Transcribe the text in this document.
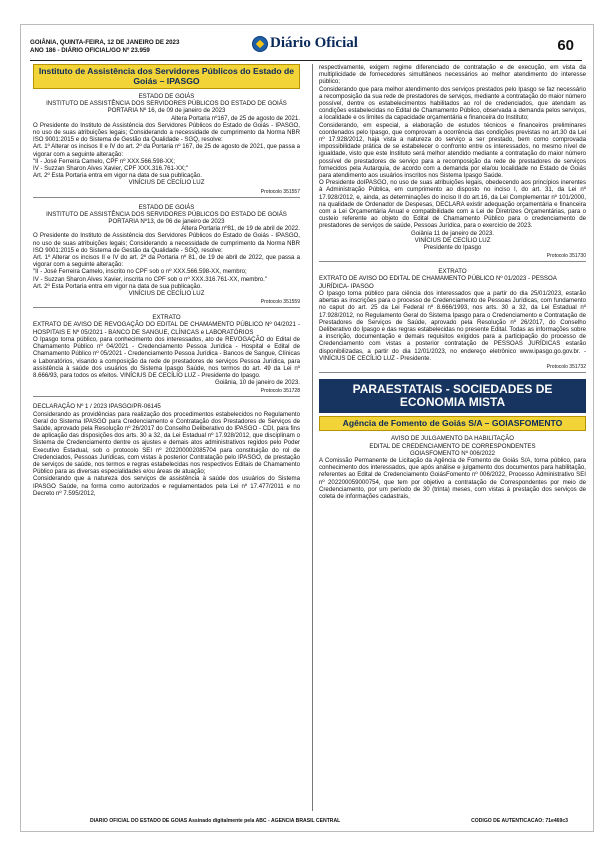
GOIÂNIA, QUINTA-FEIRA, 12 DE JANEIRO DE 2023
ANO 186 - DIÁRIO OFICIAL/GO Nº 23.959	Diário Oficial	60
Instituto de Assistência dos Servidores Públicos do Estado de Goiás – IPASGO
ESTADO DE GOIÁS
INSTITUTO DE ASSISTÊNCIA DOS SERVIDORES PÚBLICOS DO ESTADO DE GOIÁS
PORTARIA Nº 16, de 09 de janeiro de 2023
Altera Portaria nº167, de 25 de agosto de 2021.
O Presidente do Instituto de Assistência dos Servidores Públicos do Estado de Goiás - IPASGO, no uso de suas atribuições legais; Considerando a necessidade de cumprimento da Norma NBR ISO 9001:2015 e do Sistema de Gestão da Qualidade - SGQ, resolve:
Art. 1º Alterar os incisos II e IV do art. 2º da Portaria nº 167, de 25 de agosto de 2021, que passa a vigorar com a seguinte alteração:
"II - José Ferreira Camelo, CPF nº XXX.566.598-XX;
IV - Suzzan Sharon Alves Xavier, CPF XXX.316.761-XX;"
Art. 2º Esta Portaria entra em vigor na data de sua publicação.
VINÍCIUS DE CECÍLIO LUZ
Protocolo 351557
ESTADO DE GOIÁS
INSTITUTO DE ASSISTÊNCIA DOS SERVIDORES PÚBLICOS DO ESTADO DE GOIÁS
PORTARIA Nº13, de 06 de janeiro de 2023
Altera Portaria nº81, de 19 de abril de 2022.
O Presidente do Instituto de Assistência dos Servidores Públicos do Estado de Goiás - IPASGO, no uso de suas atribuições legais; Considerando a necessidade de cumprimento da Norma NBR ISO 9001:2015 e do Sistema de Gestão da Qualidade - SGQ, resolve:
Art. 1º Alterar os incisos II e IV do art. 2º da Portaria nº 81, de 19 de abril de 2022, que passa a vigorar com a seguinte alteração:
"II - José Ferreira Camelo, inscrito no CPF sob o nº XXX.566.598-XX, membro;
IV - Suzzan Sharon Alves Xavier, inscrita no CPF sob o nº XXX.316.761-XX, membro."
Art. 2º Esta Portaria entra em vigor na data de sua publicação.
VINÍCIUS DE CECÍLIO LUZ
Protocolo 351559
EXTRATO
EXTRATO DE AVISO DE REVOGAÇÃO DO EDITAL DE CHAMAMENTO PÚBLICO Nº 04/2021 - HOSPITAIS E Nº 05/2021 - BANCO DE SANGUE, CLÍNICAS e LABORATÓRIOS
O Ipasgo torna público, para conhecimento dos interessados, ato de REVOGAÇÃO do Edital de Chamamento Público nº 04/2021 - Credenciamento Pessoa Jurídica - Hospital e Edital de Chamamento Público nº 05/2021 - Credenciamento Pessoa Jurídica - Bancos de Sangue, Clínicas e Laboratórios, visando a composição da rede de prestadores de serviços Pessoa Jurídica, para assistência à saúde dos usuários do Sistema Ipasgo Saúde, nos termos do art. 49 da Lei nº 8.666/93, para todos os efeitos. VINÍCIUS DE CECÍLIO LUZ - Presidente do Ipasgo.
Goiânia, 10 de janeiro de 2023.
Protocolo 351728
DECLARAÇÃO Nº 1 / 2023 IPASGO/PR-06145
Considerando as providências para realização dos procedimentos estabelecidos no Regulamento Geral do Sistema IPASGO para Credenciamento e Contratação dos Prestadores de Serviços de Saúde, aprovado pela Resolução nº 26/2017 do Conselho Deliberativo do IPASGO - CDI, para fins de aplicação das disposições dos arts. 30 a 32, da Lei Estadual nº 17.928/2012, que disciplinam o Sistema de Credenciamento dentre os ajustes e demais atos administrativos regidos pelo Poder Executivo Estadual, sob o protocolo SEI nº 202200002085704 para constituição do rol de Credenciados, Pessoas Jurídicas, com vistas à posterior Contratação pelo IPASGO, de prestação de serviços de saúde, nos termos e regras estabelecidas nos respectivos Editais de Chamamento Público para as diversas especialidades e/ou áreas de atuação;
Considerando que a natureza dos serviços de assistência à saúde dos usuários do Sistema IPASGO Saúde, na forma como autorizados e regulamentados pela Lei nº 17.477/2011 e no Decreto nº 7.595/2012,
respectivamente, exigem regime diferenciado de contratação e de execução, em vista da multiplicidade de fornecedores simultâneos necessários ao melhor atendimento do interesse público;
Considerando que para melhor atendimento dos serviços prestados pelo Ipasgo se faz necessário a recomposição da sua rede de prestadores de serviços, mediante a contratação do maior número possível, dentre os estabelecimentos habilitados ao rol de credenciados, que atendam as condições estabelecidas no Edital de Chamamento Público, observada a demanda pelos serviços, a localidade e os limites da capacidade orçamentária e financeira do Instituto;
Considerando, em especial, a elaboração de estudos técnicos e financeiros preliminares coordenados pelo Ipasgo, que comprovam a ocorrência das condições previstas no art.30 da Lei nº 17.928/2012, haja vista a natureza do serviço a ser prestado, bem como comprovada impossibilidade prática de se estabelecer o confronto entre os interessados, no mesmo nível de igualdade, visto que este Instituto será melhor atendido mediante a contratação do maior número possível de prestadores de serviço para a recomposição da rede de prestadores de serviços fornecidos pela Autarquia, de acordo com a demanda por ela/ou localidade no Estado de Goiás para atendimento aos usuários inscritos nos Sistema Ipasgo Saúde.
O Presidente doIPASGO, no uso de suas atribuições legais, obedecendo aos princípios inerentes à Administração Pública, em cumprimento ao disposto no inciso I, do art. 31, da Lei nº 17.928/2012, e, ainda, as determinações do inciso II do art.16, da Lei Complementar nº 101/2000, na qualidade de Ordenador de Despesas, DECLARA existir adequação orçamentária e financeira com a Lei Orçamentária Anual e compatibilidade com a Lei de Diretrizes Orçamentárias, para o custeio referente ao objeto do Edital de Chamamento Público para o credenciamento de prestadores de serviços de saúde, Pessoas Jurídica, para o exercício de 2023.
Goiânia 11 de janeiro de 2023.
VINÍCIUS DE CECÍLIO LUZ
Presidente do Ipasgo
Protocolo 351730
EXTRATO
EXTRATO DE AVISO DO EDITAL DE CHAMAMENTO PÚBLICO Nº 01/2023 - PESSOA JURÍDICA- IPASGO
O Ipasgo torna público para ciência dos interessados que a partir do dia 25/01/2023, estarão abertas as inscrições para o processo de Credenciamento de Pessoas Jurídicas, com fundamento no caput do art. 25 da Lei Federal nº 8.666/1993, nos arts. 30 a 32, da Lei Estadual nº 17.928/2012, no Regulamento Geral do Sistema Ipasgo para o Credenciamento e Contratação de Prestadores de Serviços de Saúde, aprovado pela Resolução nº 26/2017, do Conselho Deliberativo do Ipasgo e das regras estabelecidas no presente Edital. Todas as informações sobre a inscrição, documentação e demais requisitos exigidos para a participação do processo de Credenciamento com vistas a posterior contratação de PESSOAS JURÍDICAS estarão disponibilizadas, a partir do dia 12/01/2023, no endereço eletrônico www.ipasgo.go.gov.br. - VINÍCIUS DE CECÍLIO LUZ - Presidente.
Protocolo 351732
PARAESTATAIS - SOCIEDADES DE ECONOMIA MISTA
Agência de Fomento de Goiás S/A – GOIASFOMENTO
AVISO DE JULGAMENTO DA HABILITAÇÃO
EDITAL DE CREDENCIAMENTO DE CORRESPONDENTES
GOIASFOMENTO Nº 006/2022
A Comissão Permanente de Licitação da Agência de Fomento de Goiás S/A, torna público, para conhecimento dos interessados, que após análise e julgamento dos documentos para habilitação, referentes ao Edital de Credenciamento GoiásFomento nº 006/2022, Processo Administrativo SEI nº 202200059000754, que tem por objetivo a contratação de Correspondentes por meio de Credenciamento, por um período de 30 (trinta) meses, com vistas à prestação dos serviços de coleta de informações cadastrais,
DIARIO OFICIAL DO ESTADO DE GOIAS Assinado digitalmente pela ABC - AGENCIA BRASIL CENTRAL	CODIGO DE AUTENTICACAO: 71e469c3
